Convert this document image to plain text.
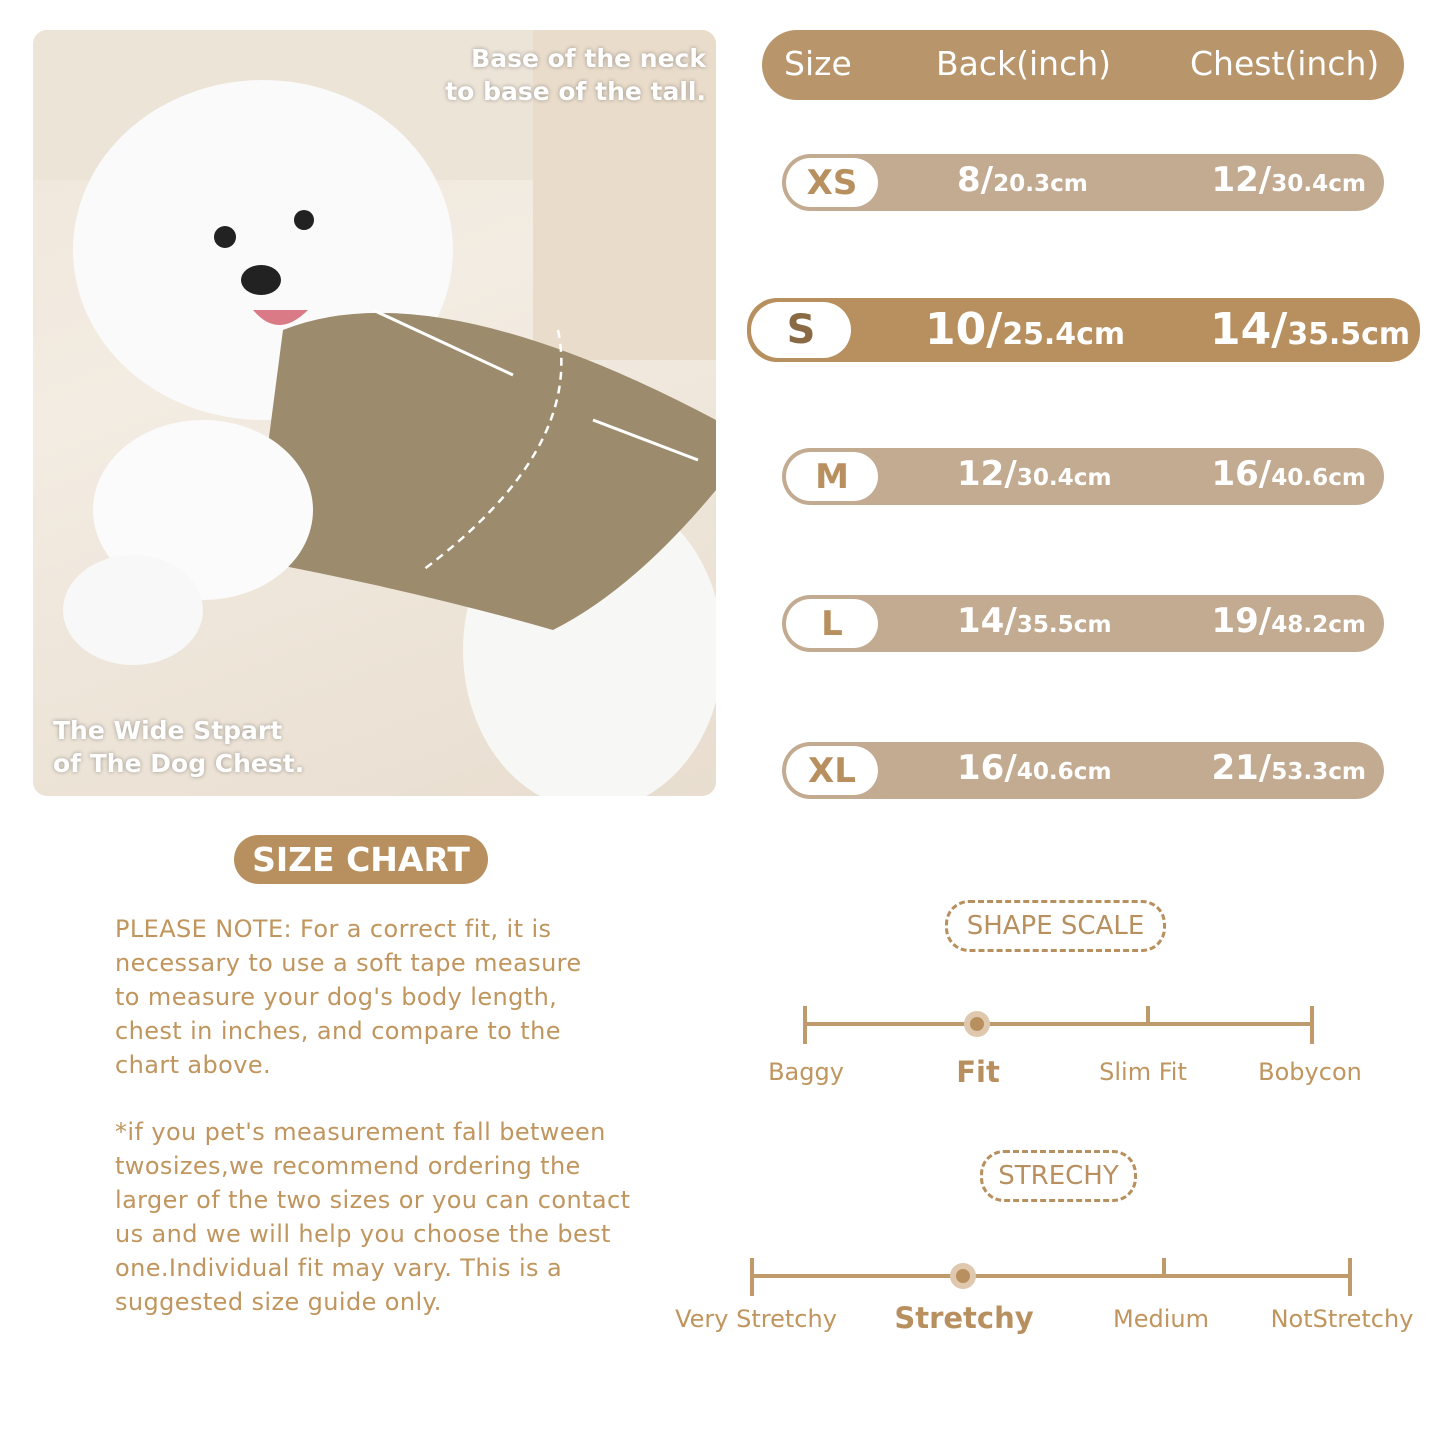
Base of the neck
to base of the tall.
The Wide Stpart
of The Dog Chest.
Size	Back(inch) Chest(inch)
XS	8/20.3cm	12/30.4cm
S 10/25.4cm 14/35.5cm
M	12/30.4cm	16/40.6cm
L	14/35.5cm	19/48.2cm
XL	16/40.6cm	21/53.3cm
SIZE CHART
PLEASE NOTE: For a correct fit, it is
necessary to use a soft tape measure
to measure your dog's body length,
chest in inches, and compare to the
chart above.
*if you pet's measurement fall between
twosizes,we recommend ordering the
larger of the two sizes or you can contact
us and we will help you choose the best
one.Individual fit may vary. This is a
suggested size guide only.
SHAPE SCALE
Baggy	Fit	Slim Fit	Bobycon
STRECHY
Very Stretchy Stretchy	Medium	NotStretchy
